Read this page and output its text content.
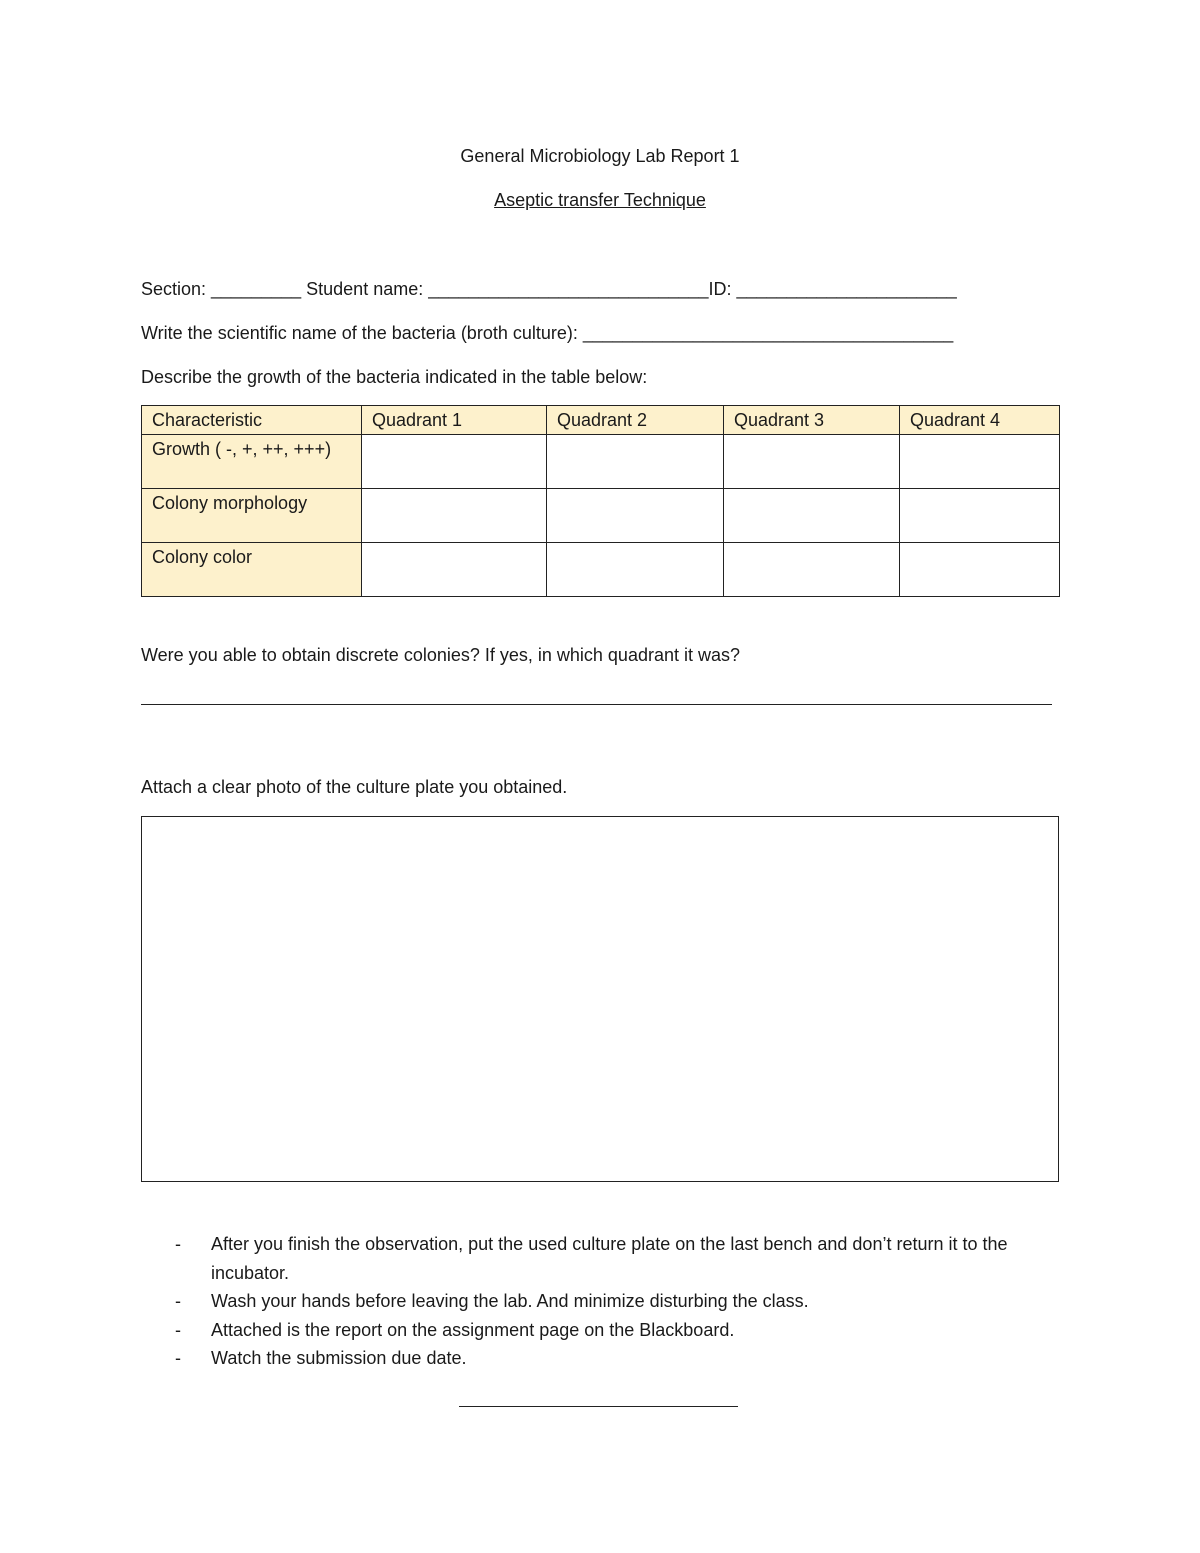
General Microbiology Lab Report 1
Aseptic transfer Technique
Section: _________ Student name: ____________________________ID: ______________________
Write the scientific name of the bacteria (broth culture): _____________________________________
Describe the growth of the bacteria indicated in the table below:
Characteristic	Quadrant 1	Quadrant 2	Quadrant 3	Quadrant 4
Growth ( -, +, ++, +++)				
Colony morphology				
Colony color				
Were you able to obtain discrete colonies? If yes, in which quadrant it was?
Attach a clear photo of the culture plate you obtained.
- After you finish the observation, put the used culture plate on the last bench and don’t return it to the incubator.
- Wash your hands before leaving the lab. And minimize disturbing the class.
- Attached is the report on the assignment page on the Blackboard.
- Watch the submission due date.
